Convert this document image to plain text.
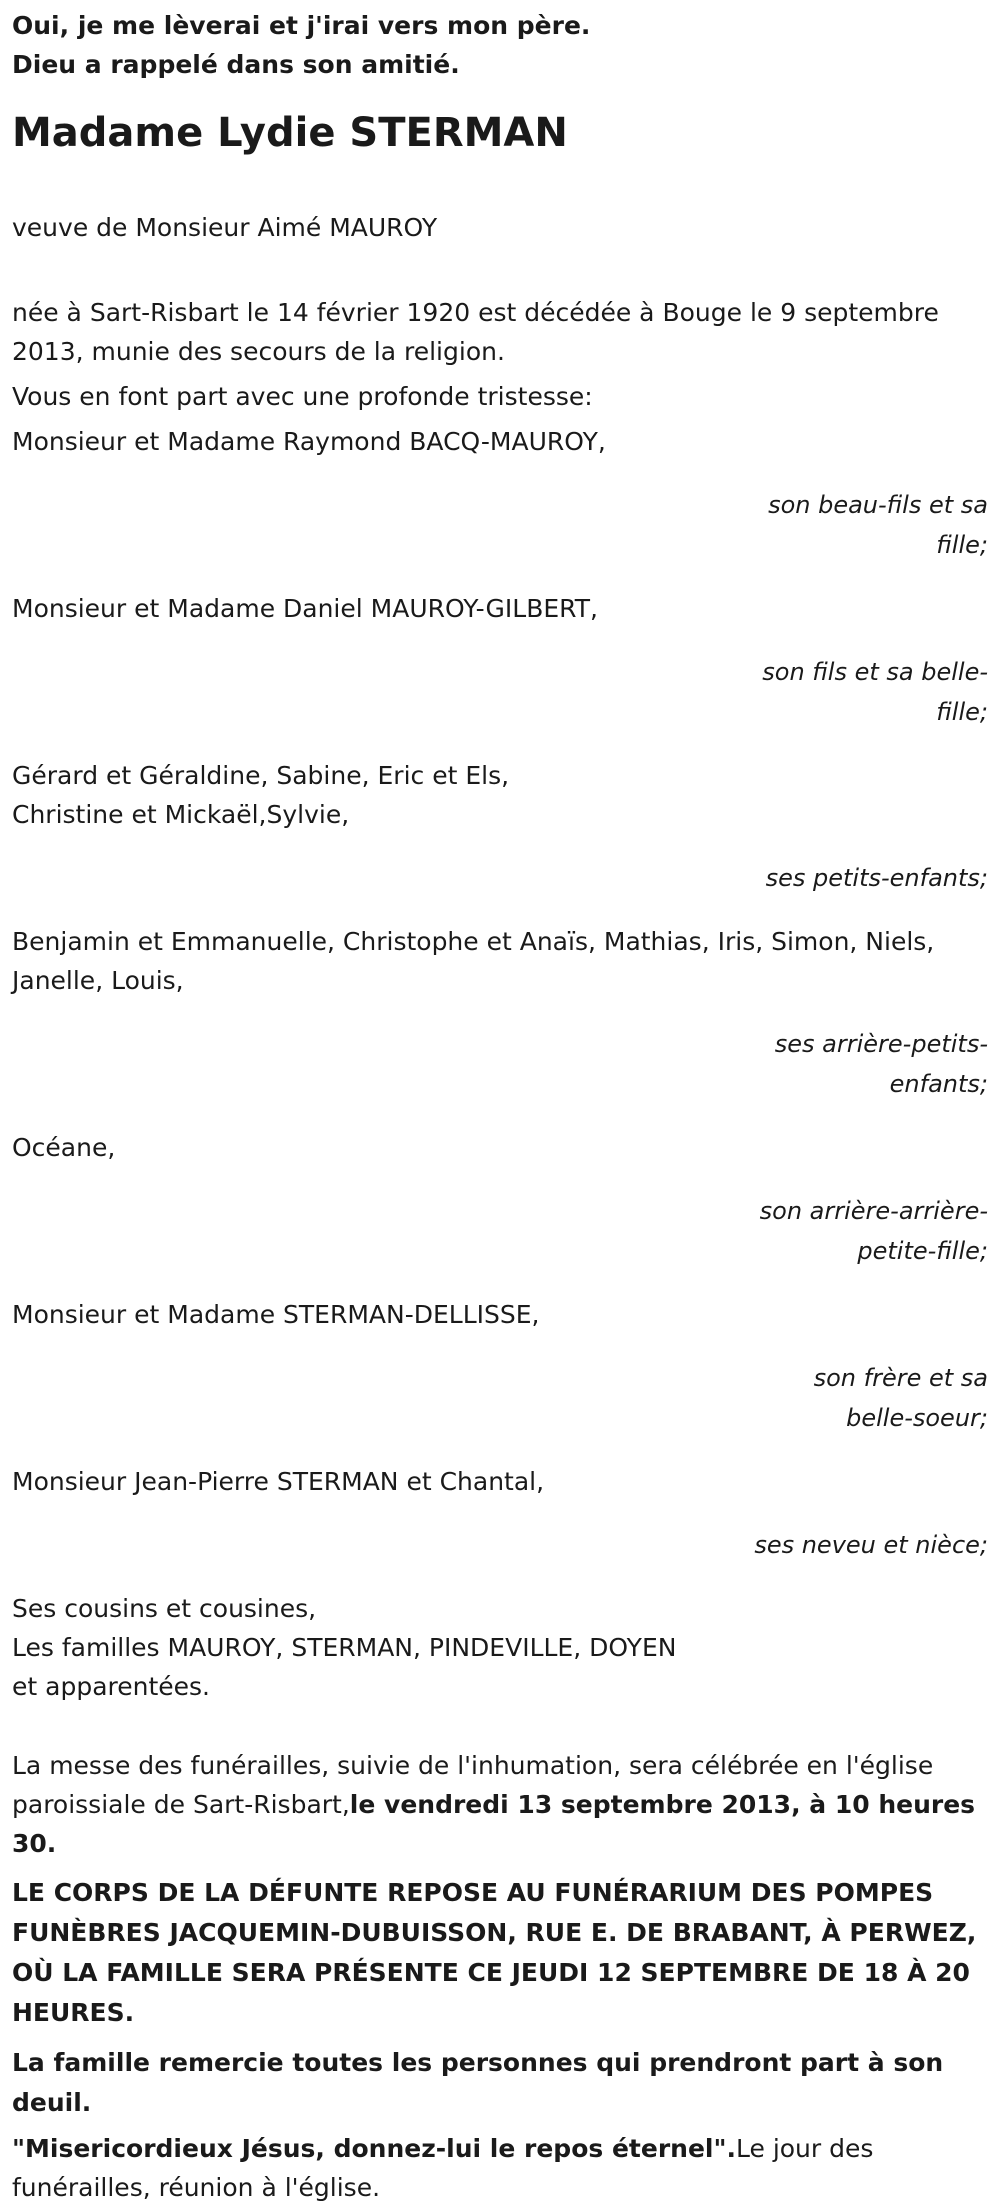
Oui, je me lèverai et j'irai vers mon père.

Dieu a rappelé dans son amitié.

Madame Lydie STERMAN

veuve de Monsieur Aimé MAUROY

née à Sart-Risbart le 14 février 1920 est décédée à Bouge le 9 septembre 2013, munie des secours de la religion.

Vous en font part avec une profonde tristesse:

Monsieur et Madame Raymond BACQ-MAUROY,

son beau-fils et sa fille;

Monsieur et Madame Daniel MAUROY-GILBERT,

son fils et sa belle-fille;

Gérard et Géraldine, Sabine, Eric et Els,

Christine et Mickaël,Sylvie,

ses petits-enfants;

Benjamin et Emmanuelle, Christophe et Anaïs, Mathias, Iris, Simon, Niels, Janelle, Louis,

ses arrière-petits-enfants;

Océane,

son arrière-arrière-petite-fille;

Monsieur et Madame STERMAN-DELLISSE,

son frère et sa belle-soeur;

Monsieur Jean-Pierre STERMAN et Chantal,

ses neveu et nièce;

Ses cousins et cousines,

Les familles MAUROY, STERMAN, PINDEVILLE, DOYEN

et apparentées.

La messe des funérailles, suivie de l'inhumation, sera célébrée en l'église paroissiale de Sart-Risbart,le vendredi 13 septembre 2013, à 10 heures 30.

LE CORPS DE LA DÉFUNTE REPOSE AU FUNÉRARIUM DES POMPES FUNÈBRES JACQUEMIN-DUBUISSON, RUE E. DE BRABANT, À PERWEZ, OÙ LA FAMILLE SERA PRÉSENTE CE JEUDI 12 SEPTEMBRE DE 18 À 20 HEURES.

La famille remercie toutes les personnes qui prendront part à son deuil.

"Misericordieux Jésus, donnez-lui le repos éternel".Le jour des funérailles, réunion à l'église.
